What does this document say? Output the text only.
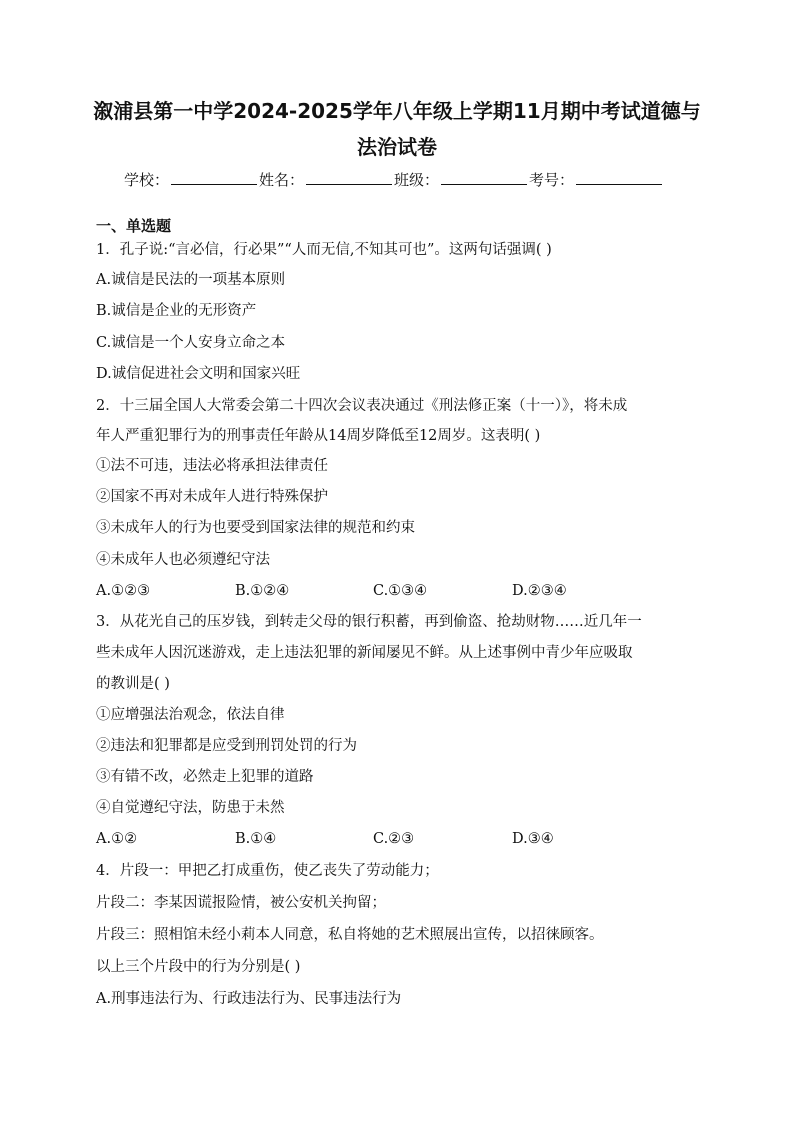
溆浦县第一中学2024-2025学年八年级上学期11月期中考试道德与
法治试卷
学校：	姓名：	班级：	考号：
一、单选题
1．孔子说:“言必信，行必果”“人而无信,不知其可也”。这两句话强调( )
A.诚信是民法的一项基本原则
B.诚信是企业的无形资产
C.诚信是一个人安身立命之本
D.诚信促进社会文明和国家兴旺
2．十三届全国人大常委会第二十四次会议表决通过《刑法修正案（十一）》，将未成
年人严重犯罪行为的刑事责任年龄从14周岁降低至12周岁。这表明( )
①法不可违，违法必将承担法律责任
②国家不再对未成年人进行特殊保护
③未成年人的行为也要受到国家法律的规范和约束
④未成年人也必须遵纪守法
A.①②③	B.①②④	C.①③④	D.②③④
3．从花光自己的压岁钱，到转走父母的银行积蓄，再到偷盗、抢劫财物……近几年一
些未成年人因沉迷游戏，走上违法犯罪的新闻屡见不鲜。从上述事例中青少年应吸取
的教训是( )
①应增强法治观念，依法自律
②违法和犯罪都是应受到刑罚处罚的行为
③有错不改，必然走上犯罪的道路
④自觉遵纪守法，防患于未然
A.①②	B.①④	C.②③	D.③④
4．片段一：甲把乙打成重伤，使乙丧失了劳动能力；
片段二：李某因谎报险情，被公安机关拘留；
片段三：照相馆未经小莉本人同意，私自将她的艺术照展出宣传，以招徕顾客。
以上三个片段中的行为分别是( )
A.刑事违法行为、行政违法行为、民事违法行为
